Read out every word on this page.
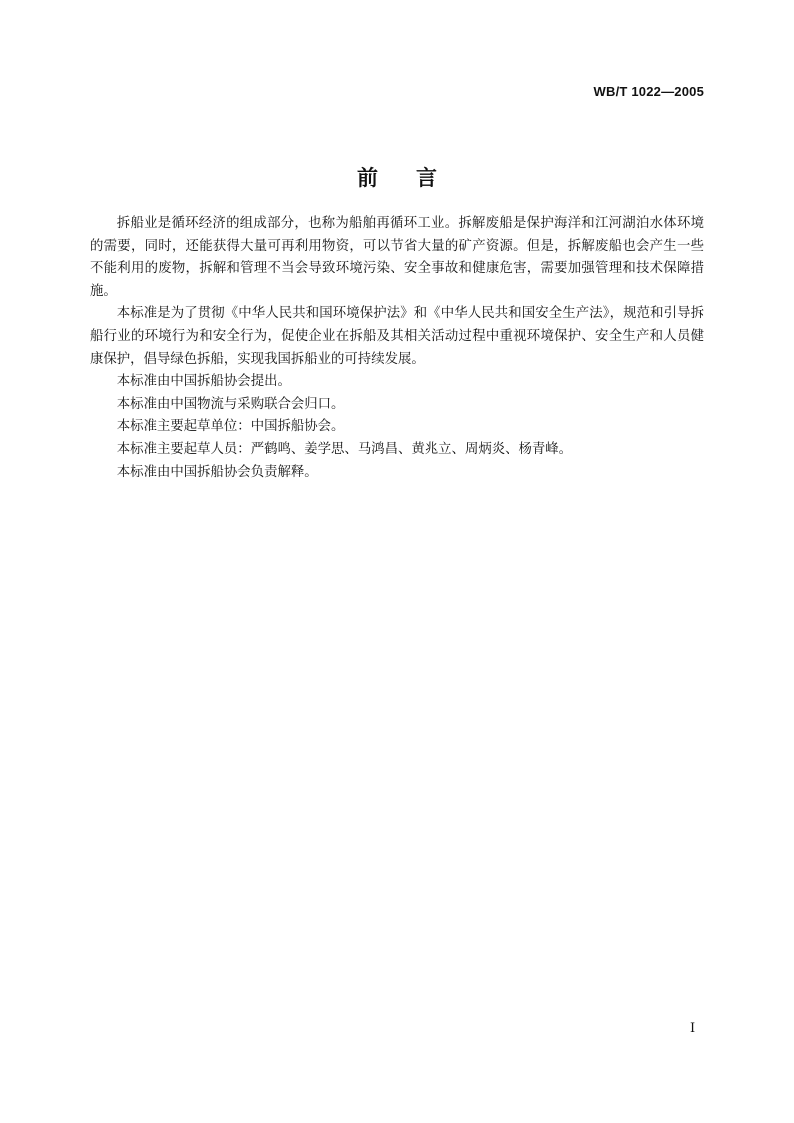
WB/T 1022—2005
前言

拆船业是循环经济的组成部分，也称为船舶再循环工业。拆解废船是保护海洋和江河湖泊水体环境的需要，同时，还能获得大量可再利用物资，可以节省大量的矿产资源。但是，拆解废船也会产生一些不能利用的废物，拆解和管理不当会导致环境污染、安全事故和健康危害，需要加强管理和技术保障措施。

本标准是为了贯彻《中华人民共和国环境保护法》和《中华人民共和国安全生产法》，规范和引导拆船行业的环境行为和安全行为，促使企业在拆船及其相关活动过程中重视环境保护、安全生产和人员健康保护，倡导绿色拆船，实现我国拆船业的可持续发展。

本标准由中国拆船协会提出。

本标准由中国物流与采购联合会归口。

本标准主要起草单位：中国拆船协会。

本标准主要起草人员：严鹤鸣、姜学思、马鸿昌、黄兆立、周炳炎、杨青峰。

本标准由中国拆船协会负责解释。

I
